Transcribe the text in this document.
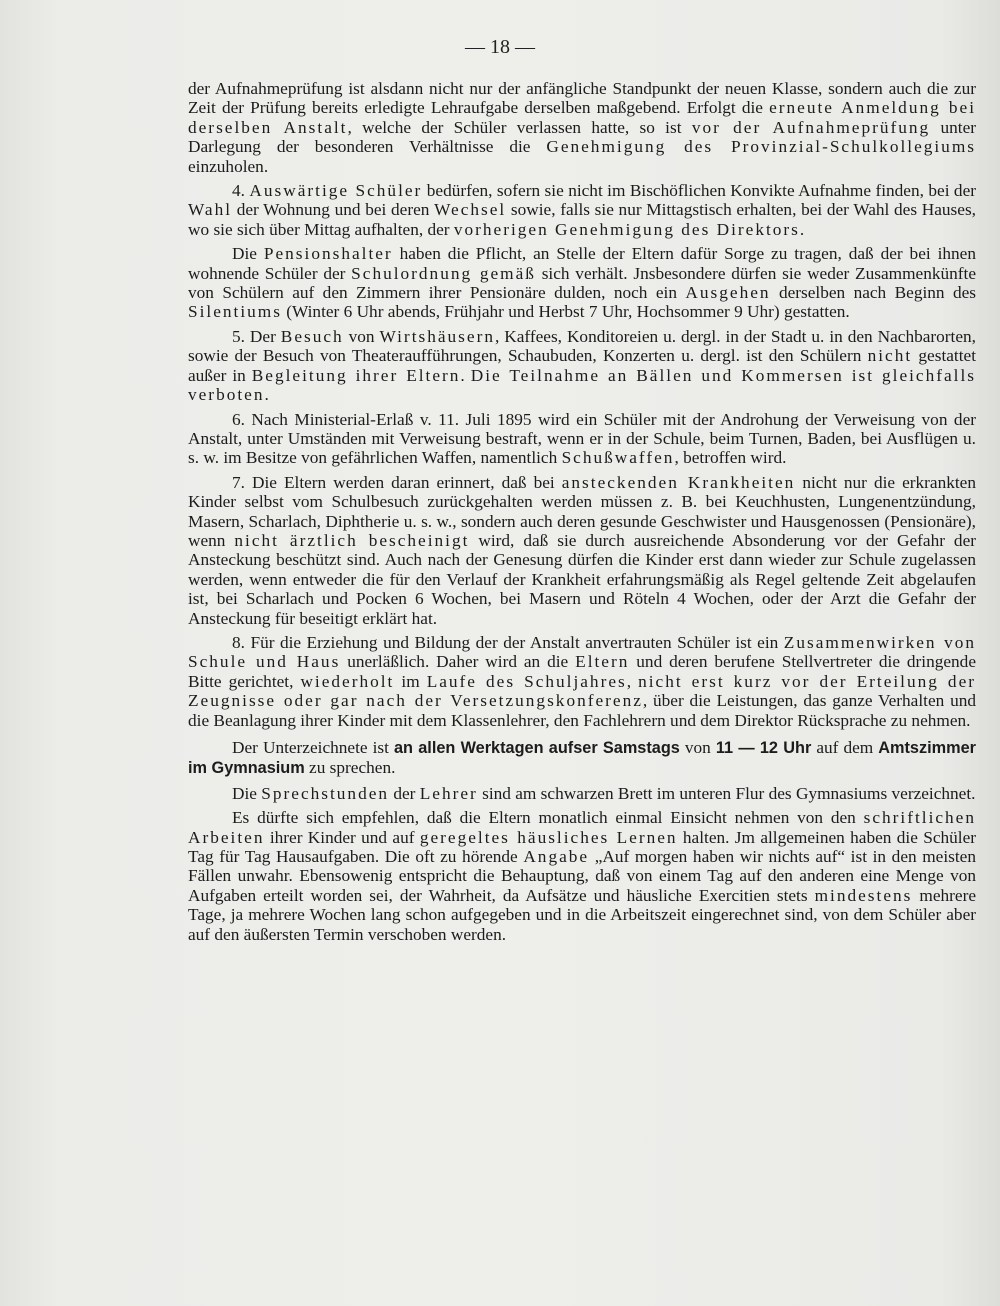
— 18 —

der Aufnahmeprüfung ist alsdann nicht nur der anfängliche Standpunkt der neuen Klasse, sondern auch die zur Zeit der Prüfung bereits erledigte Lehraufgabe derselben maßgebend. Erfolgt die erneute Anmeldung bei derselben Anstalt, welche der Schüler verlassen hatte, so ist vor der Aufnahmeprüfung unter Darlegung der besonderen Verhältnisse die Genehmigung des Provinzial-Schulkollegiums einzuholen.

4. Auswärtige Schüler bedürfen, sofern sie nicht im Bischöflichen Konvikte Aufnahme finden, bei der Wahl der Wohnung und bei deren Wechsel sowie, falls sie nur Mittagstisch erhalten, bei der Wahl des Hauses, wo sie sich über Mittag aufhalten, der vorherigen Genehmigung des Direktors.

Die Pensionshalter haben die Pflicht, an Stelle der Eltern dafür Sorge zu tragen, daß der bei ihnen wohnende Schüler der Schulordnung gemäß sich verhält. Jnsbesondere dürfen sie weder Zusammenkünfte von Schülern auf den Zimmern ihrer Pensionäre dulden, noch ein Ausgehen derselben nach Beginn des Silentiums (Winter 6 Uhr abends, Frühjahr und Herbst 7 Uhr, Hochsommer 9 Uhr) gestatten.

5. Der Besuch von Wirtshäusern, Kaffees, Konditoreien u. dergl. in der Stadt u. in den Nachbarorten, sowie der Besuch von Theateraufführungen, Schaubuden, Konzerten u. dergl. ist den Schülern nicht gestattet außer in Begleitung ihrer Eltern. Die Teilnahme an Bällen und Kommersen ist gleichfalls verboten.

6. Nach Ministerial-Erlaß v. 11. Juli 1895 wird ein Schüler mit der Androhung der Verweisung von der Anstalt, unter Umständen mit Verweisung bestraft, wenn er in der Schule, beim Turnen, Baden, bei Ausflügen u. s. w. im Besitze von gefährlichen Waffen, namentlich Schußwaffen, betroffen wird.

7. Die Eltern werden daran erinnert, daß bei ansteckenden Krankheiten nicht nur die erkrankten Kinder selbst vom Schulbesuch zurückgehalten werden müssen z. B. bei Keuchhusten, Lungenentzündung, Masern, Scharlach, Diphtherie u. s. w., sondern auch deren gesunde Geschwister und Hausgenossen (Pensionäre), wenn nicht ärztlich bescheinigt wird, daß sie durch ausreichende Absonderung vor der Gefahr der Ansteckung beschützt sind. Auch nach der Genesung dürfen die Kinder erst dann wieder zur Schule zugelassen werden, wenn entweder die für den Verlauf der Krankheit erfahrungsmäßig als Regel geltende Zeit abgelaufen ist, bei Scharlach und Pocken 6 Wochen, bei Masern und Röteln 4 Wochen, oder der Arzt die Gefahr der Ansteckung für beseitigt erklärt hat.

8. Für die Erziehung und Bildung der der Anstalt anvertrauten Schüler ist ein Zusammenwirken von Schule und Haus unerläßlich. Daher wird an die Eltern und deren berufene Stellvertreter die dringende Bitte gerichtet, wiederholt im Laufe des Schuljahres, nicht erst kurz vor der Erteilung der Zeugnisse oder gar nach der Versetzungskonferenz, über die Leistungen, das ganze Verhalten und die Beanlagung ihrer Kinder mit dem Klassenlehrer, den Fachlehrern und dem Direktor Rücksprache zu nehmen.

Der Unterzeichnete ist an allen Werktagen aufser Samstags von 11 — 12 Uhr auf dem Amtszimmer im Gymnasium zu sprechen.

Die Sprechstunden der Lehrer sind am schwarzen Brett im unteren Flur des Gymnasiums verzeichnet.

Es dürfte sich empfehlen, daß die Eltern monatlich einmal Einsicht nehmen von den schriftlichen Arbeiten ihrer Kinder und auf geregeltes häusliches Lernen halten. Jm allgemeinen haben die Schüler Tag für Tag Hausaufgaben. Die oft zu hörende Angabe „Auf morgen haben wir nichts auf“ ist in den meisten Fällen unwahr. Ebensowenig entspricht die Behauptung, daß von einem Tag auf den anderen eine Menge von Aufgaben erteilt worden sei, der Wahrheit, da Aufsätze und häusliche Exercitien stets mindestens mehrere Tage, ja mehrere Wochen lang schon aufgegeben und in die Arbeitszeit eingerechnet sind, von dem Schüler aber auf den äußersten Termin verschoben werden.
